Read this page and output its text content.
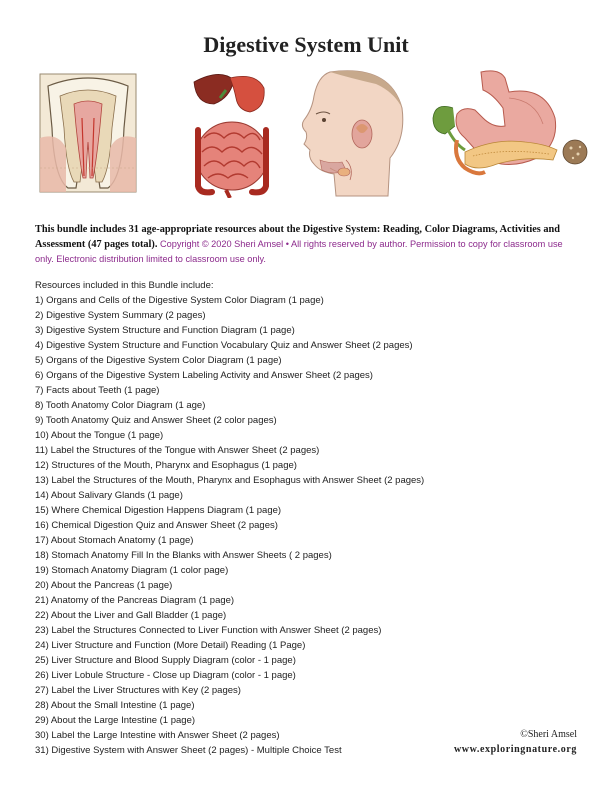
Digestive System Unit

This bundle includes 31 age-appropriate resources about the Digestive System: Reading, Color Diagrams, Activities and Assessment (47 pages total). Copyright © 2020 Sheri Amsel • All rights reserved by author. Permission to copy for classroom use only. Electronic distribution limited to classroom use only.

Resources included in this Bundle include:

1) Organs and Cells of the Digestive System Color Diagram (1 page)
2) Digestive System Summary (2 pages)
3) Digestive System Structure and Function Diagram (1 page)
4) Digestive System Structure and Function Vocabulary Quiz and Answer Sheet (2 pages)
5) Organs of the Digestive System Color Diagram (1 page)
6) Organs of the Digestive System Labeling Activity and Answer Sheet (2 pages)
7) Facts about Teeth (1 page)
8) Tooth Anatomy Color Diagram (1 age)
9) Tooth Anatomy Quiz and Answer Sheet (2 color pages)
10) About the Tongue (1 page)
11) Label the Structures of the Tongue with Answer Sheet (2 pages)
12) Structures of the Mouth, Pharynx and Esophagus (1 page)
13) Label the Structures of the Mouth, Pharynx and Esophagus with Answer Sheet (2 pages)
14) About Salivary Glands (1 page)
15) Where Chemical Digestion Happens Diagram (1 page)
16) Chemical Digestion Quiz and Answer Sheet (2 pages)
17) About Stomach Anatomy (1 page)
18) Stomach Anatomy Fill In the Blanks with Answer Sheets ( 2 pages)
19) Stomach Anatomy Diagram (1 color page)
20) About the Pancreas (1 page)
21) Anatomy of the Pancreas Diagram (1 page)
22) About the Liver and Gall Bladder (1 page)
23) Label the Structures Connected to Liver Function with Answer Sheet (2 pages)
24) Liver Structure and Function (More Detail) Reading (1 Page)
25) Liver Structure and Blood Supply Diagram (color - 1 page)
26) Liver Lobule Structure - Close up Diagram (color - 1 page)
27) Label the Liver Structures with Key (2 pages)
28) About the Small Intestine (1 page)
29) About the Large Intestine (1 page)
30) Label the Large Intestine with Answer Sheet (2 pages)
31) Digestive System with Answer Sheet (2 pages) - Multiple Choice Test
©Sheri Amsel
www.exploringnature.org
